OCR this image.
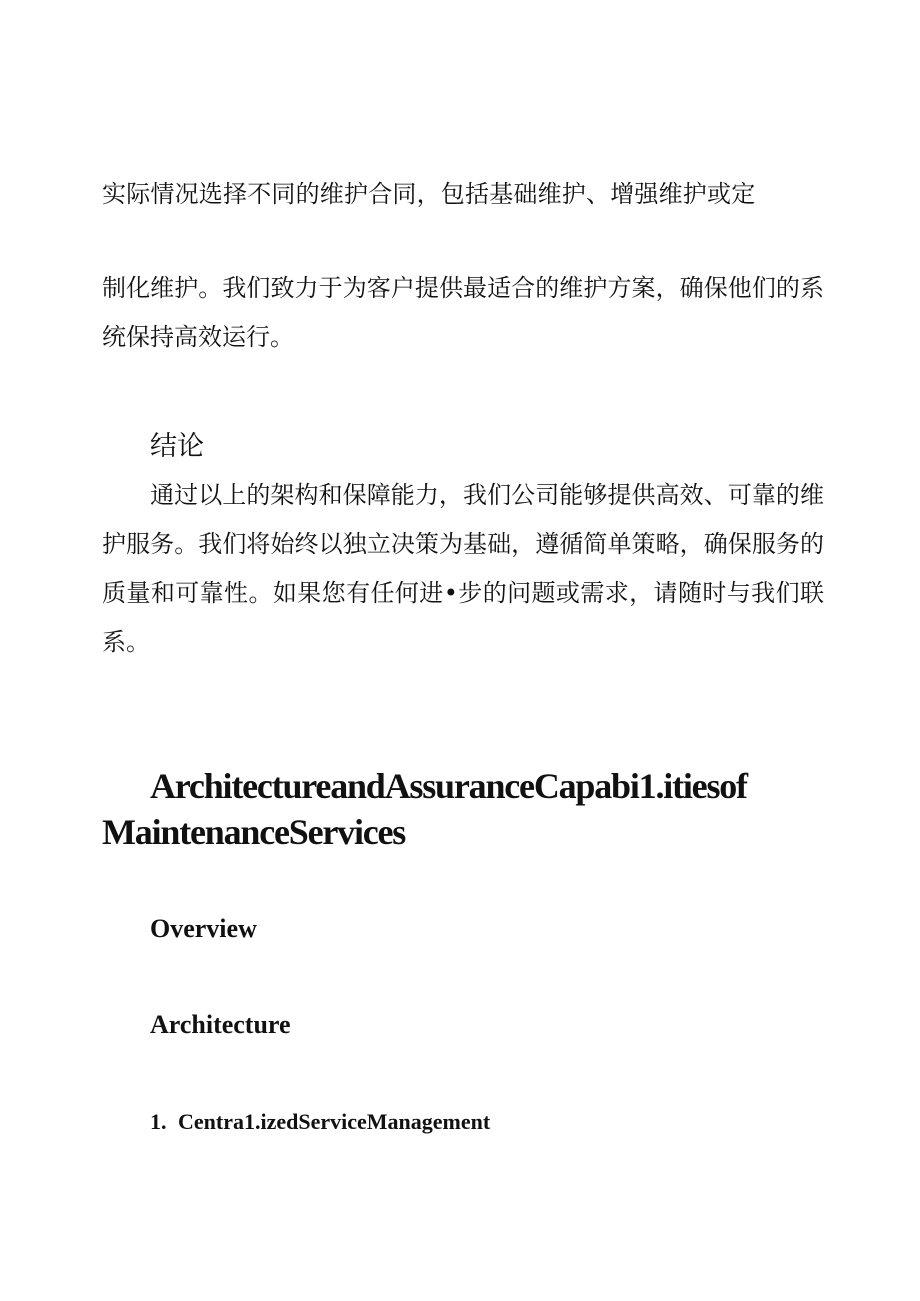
实际情况选择不同的维护合同，包括基础维护、增强维护或定
制化维护。我们致力于为客户提供最适合的维护方案，确保他们的系统保持高效运行。
结论
通过以上的架构和保障能力，我们公司能够提供高效、可靠的维护服务。我们将始终以独立决策为基础，遵循简单策略，确保服务的质量和可靠性。如果您有任何进•步的问题或需求，请随时与我们联系。
ArchitectureandAssuranceCapabi1.itiesof
MaintenanceServices
Overview
Architecture
1. Centra1.izedServiceManagement
